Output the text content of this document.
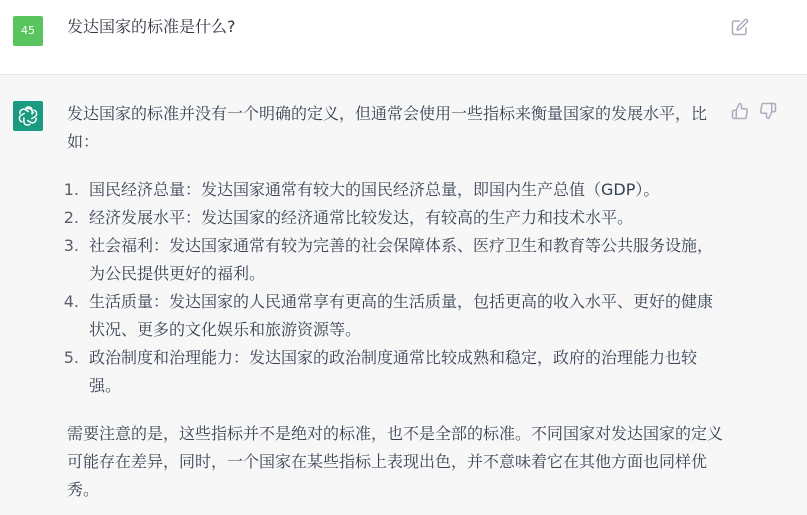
45	发达国家的标准是什么?

发达国家的标准并没有一个明确的定义，但通常会使用一些指标来衡量国家的发展水平，比如：

1. 国民经济总量：发达国家通常有较大的国民经济总量，即国内生产总值（GDP）。
2. 经济发展水平：发达国家的经济通常比较发达，有较高的生产力和技术水平。
3. 社会福利：发达国家通常有较为完善的社会保障体系、医疗卫生和教育等公共服务设施，为公民提供更好的福利。
4. 生活质量：发达国家的人民通常享有更高的生活质量，包括更高的收入水平、更好的健康状况、更多的文化娱乐和旅游资源等。
5. 政治制度和治理能力：发达国家的政治制度通常比较成熟和稳定，政府的治理能力也较强。

需要注意的是，这些指标并不是绝对的标准，也不是全部的标准。不同国家对发达国家的定义可能存在差异，同时，一个国家在某些指标上表现出色，并不意味着它在其他方面也同样优秀。
